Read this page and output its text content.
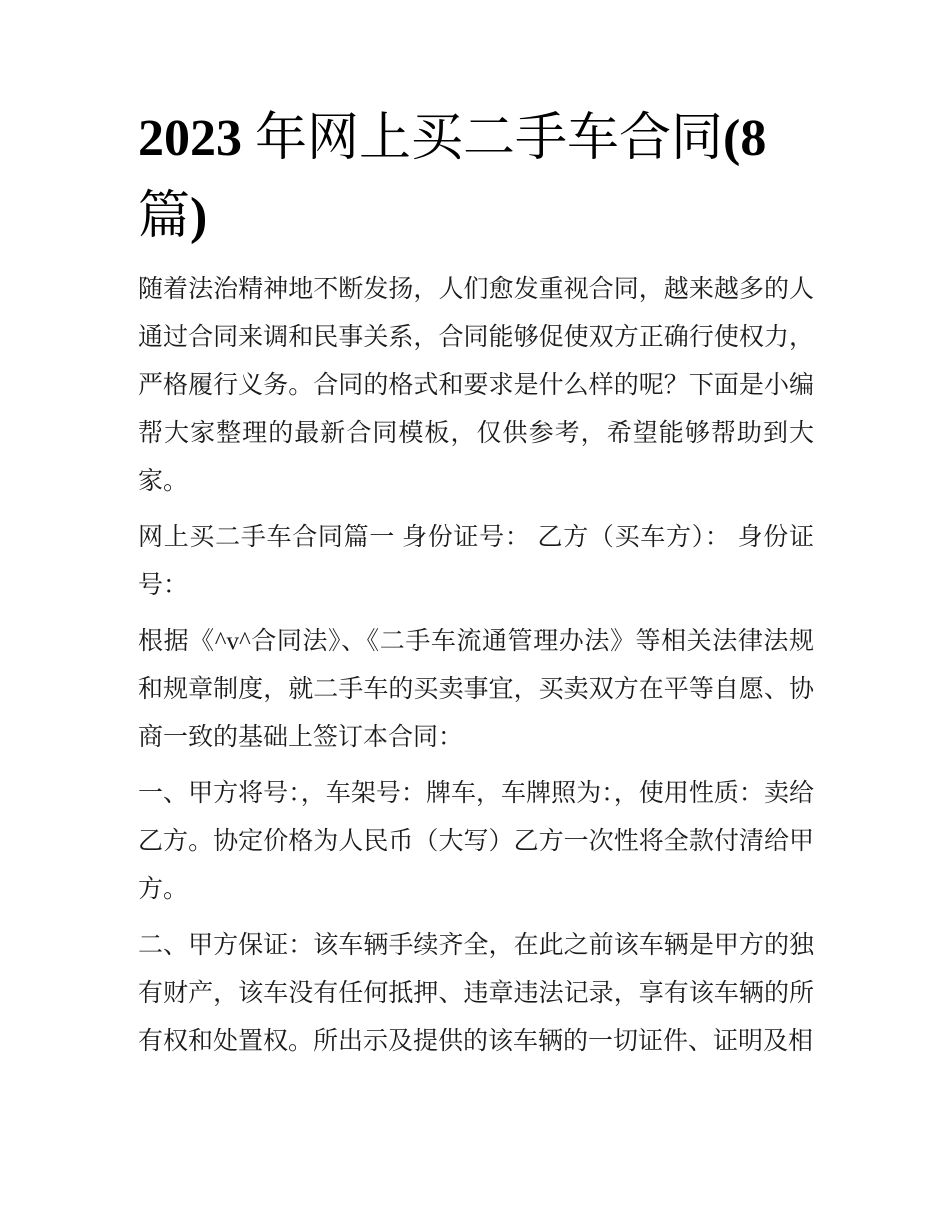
2023 年网上买二手车合同(8 篇)

随着法治精神地不断发扬，人们愈发重视合同，越来越多的人通过合同来调和民事关系，合同能够促使双方正确行使权力，严格履行义务。合同的格式和要求是什么样的呢？下面是小编帮大家整理的最新合同模板，仅供参考，希望能够帮助到大家。

网上买二手车合同篇一 身份证号： 乙方（买车方）： 身份证号：

根据《^v^合同法》、《二手车流通管理办法》等相关法律法规和规章制度，就二手车的买卖事宜，买卖双方在平等自愿、协商一致的基础上签订本合同：

一、甲方将号：，车架号：牌车，车牌照为：，使用性质：卖给乙方。协定价格为人民币（大写）乙方一次性将全款付清给甲方。

二、甲方保证：该车辆手续齐全，在此之前该车辆是甲方的独有财产，该车没有任何抵押、违章违法记录，享有该车辆的所有权和处置权。所出示及提供的该车辆的一切证件、证明及相
